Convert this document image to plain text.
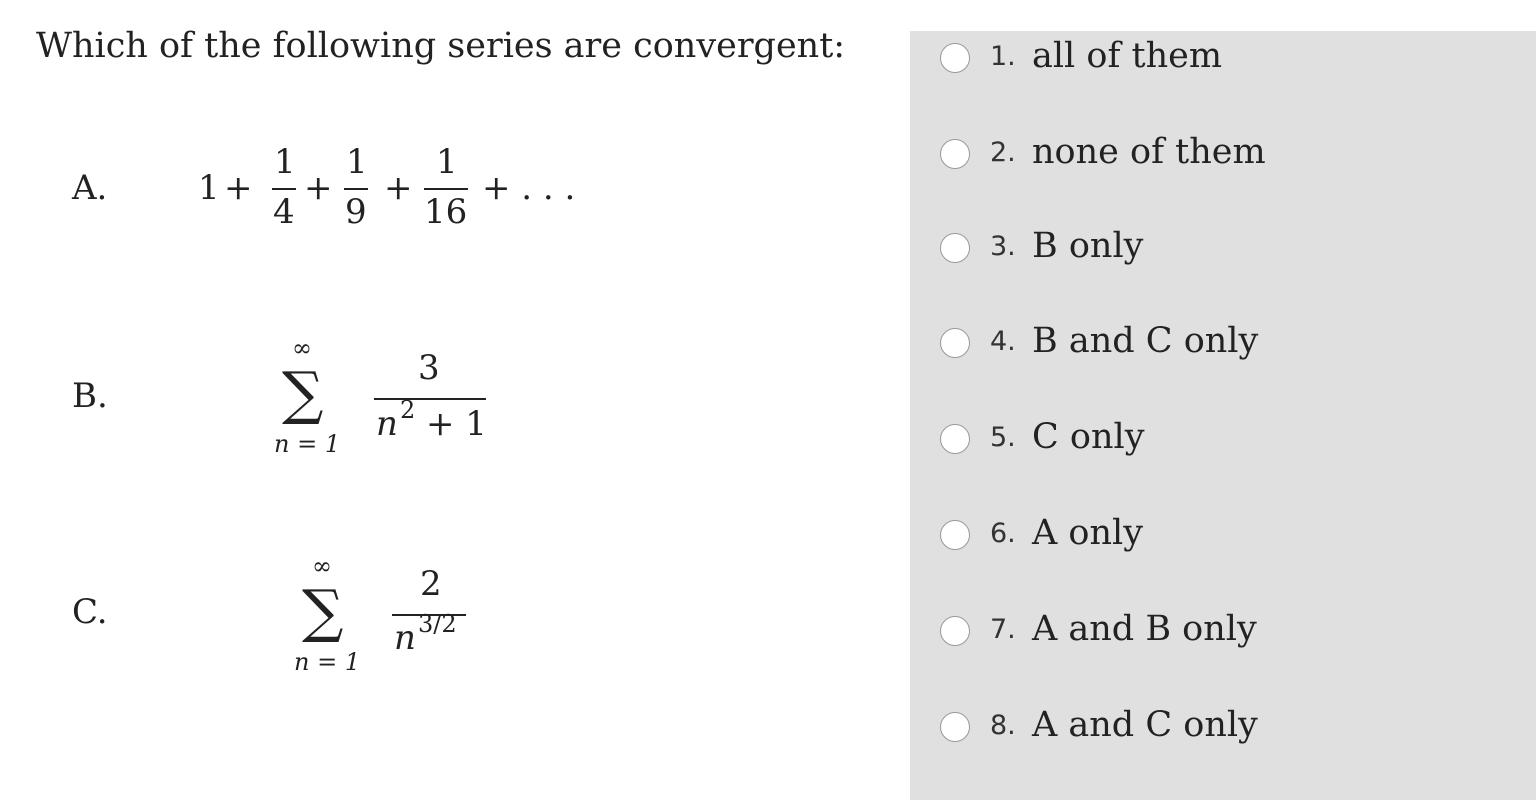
Which of the following series are convergent:
A.	1 +
1
4
+
1
9
+
1
16
+ . . .
B.
∞
∑
n = 1
3
n 2 + 1
C.
∞
∑
n = 1
2
n 3/2
1. all of them
2. none of them
3. B only
4. B and C only
5. C only
6. A only
7. A and B only
8. A and C only
